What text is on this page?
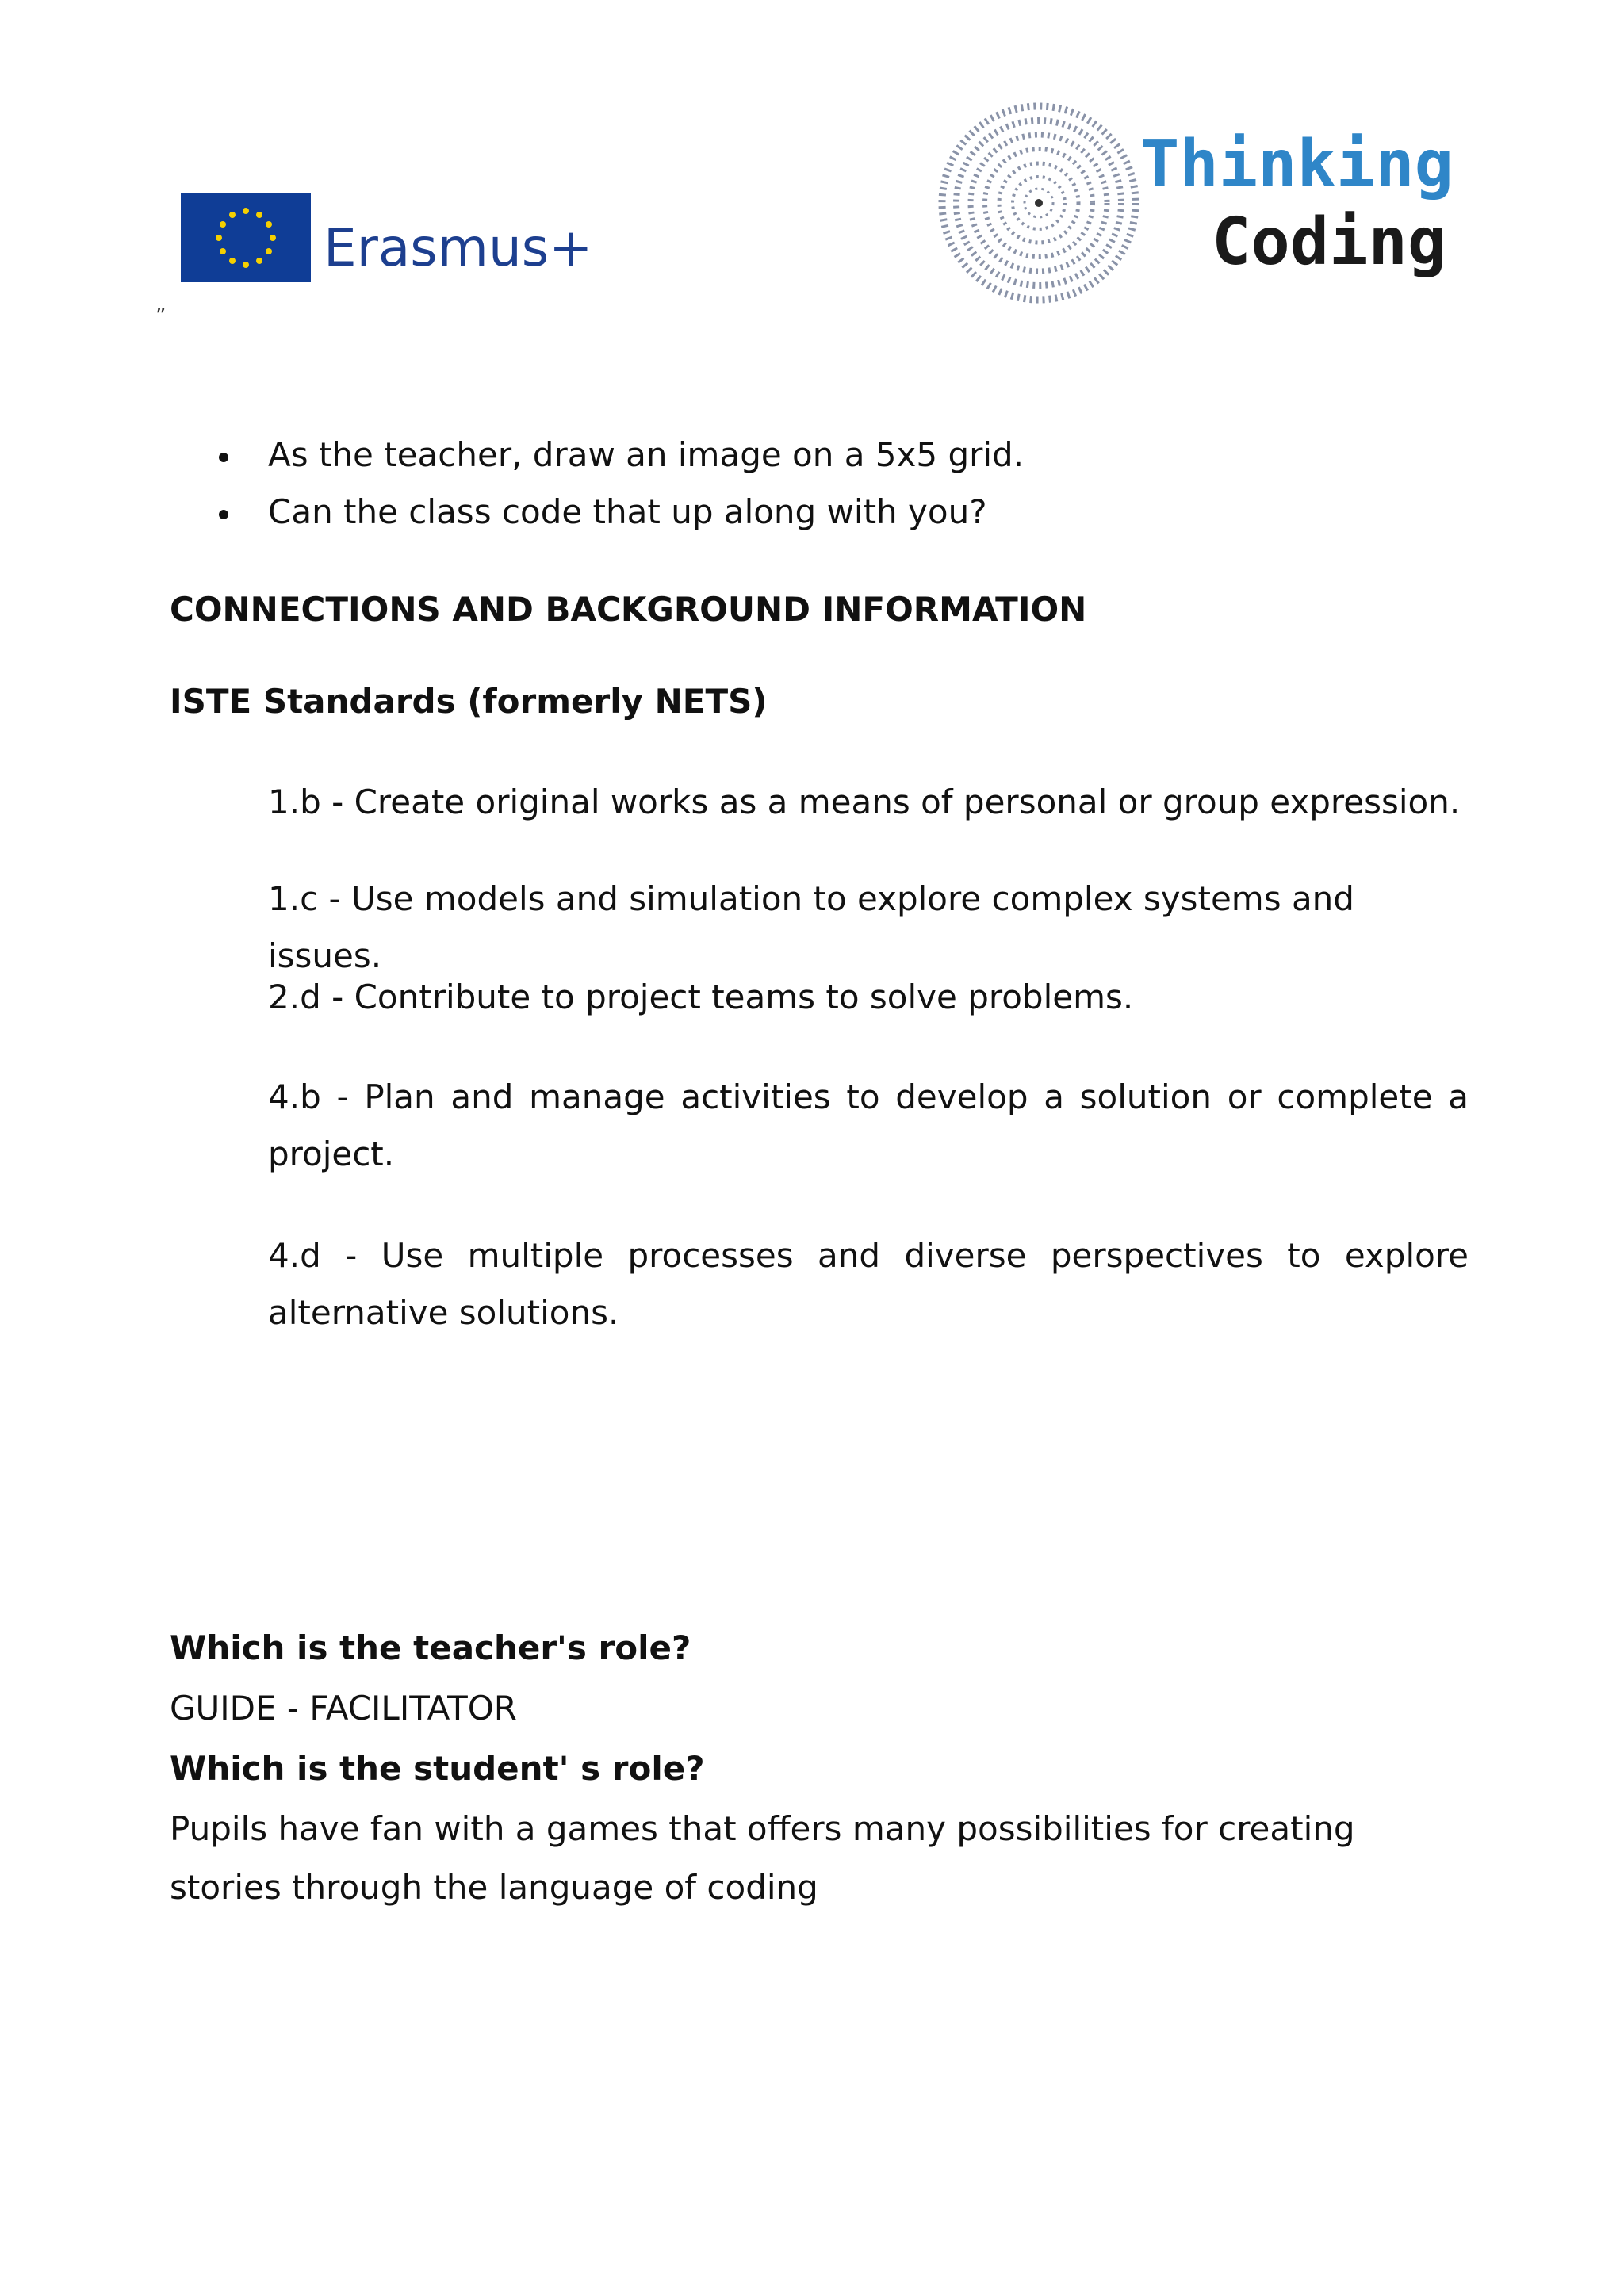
Erasmus+
”
Thinking
Coding
As the teacher, draw an image on a 5x5 grid.
Can the class code that up along with you?
CONNECTIONS AND BACKGROUND INFORMATION
ISTE Standards (formerly NETS)
1.b - Create original works as a means of personal or group expression.
1.c - Use models and simulation to explore complex systems and issues.
2.d - Contribute to project teams to solve problems.
4.b - Plan and manage activities to develop a solution or complete a project.
4.d - Use multiple processes and diverse perspectives to explore alternative solutions.
Which is the teacher's role?
GUIDE - FACILITATOR
Which is the student' s role?
Pupils have fan with a games that offers many possibilities for creating stories through the language of coding
